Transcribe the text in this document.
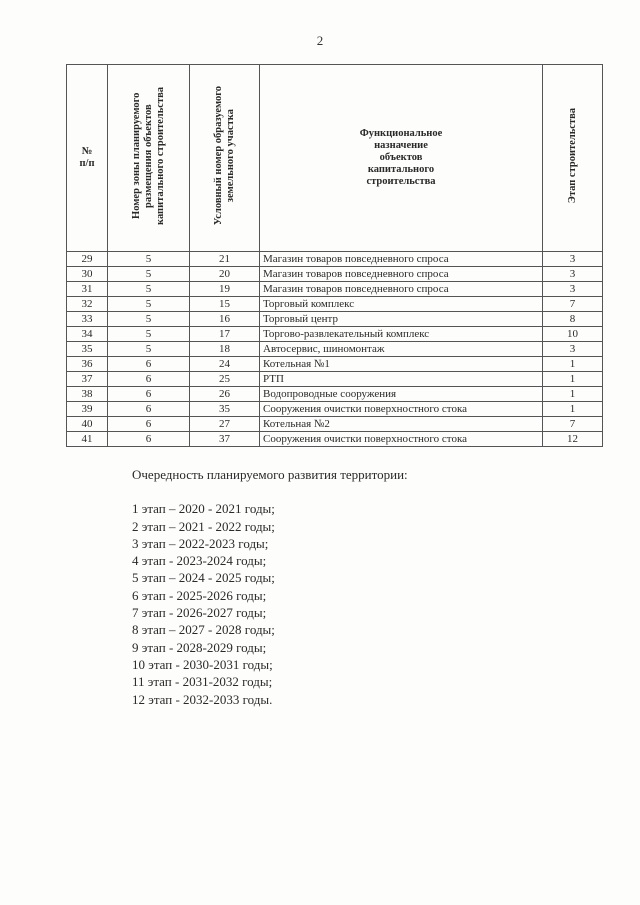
2
№
п/п	Номер зоны планируемого размещения объектов капитального строительства	Условный номер образуемого земельного участка	Функциональное
назначение
объектов
капитального
строительства	Этап строительства

29	5	21	Магазин товаров повседневного спроса	3
30	5	20	Магазин товаров повседневного спроса	3
31	5	19	Магазин товаров повседневного спроса	3
32	5	15	Торговый комплекс	7
33	5	16	Торговый центр	8
34	5	17	Торгово-развлекательный комплекс	10
35	5	18	Автосервис, шиномонтаж	3
36	6	24	Котельная №1	1
37	6	25	РТП	1
38	6	26	Водопроводные сооружения	1
39	6	35	Сооружения очистки поверхностного стока	1
40	6	27	Котельная №2	7
41	6	37	Сооружения очистки поверхностного стока	12
Очередность планируемого развития территории:
1 этап – 2020 - 2021 годы;
2 этап – 2021 - 2022 годы;
3 этап – 2022-2023 годы;
4 этап - 2023-2024 годы;
5 этап – 2024 - 2025 годы;
6 этап - 2025-2026 годы;
7 этап - 2026-2027 годы;
8 этап – 2027 - 2028 годы;
9 этап - 2028-2029 годы;
10 этап - 2030-2031 годы;
11 этап - 2031-2032 годы;
12 этап - 2032-2033 годы.
